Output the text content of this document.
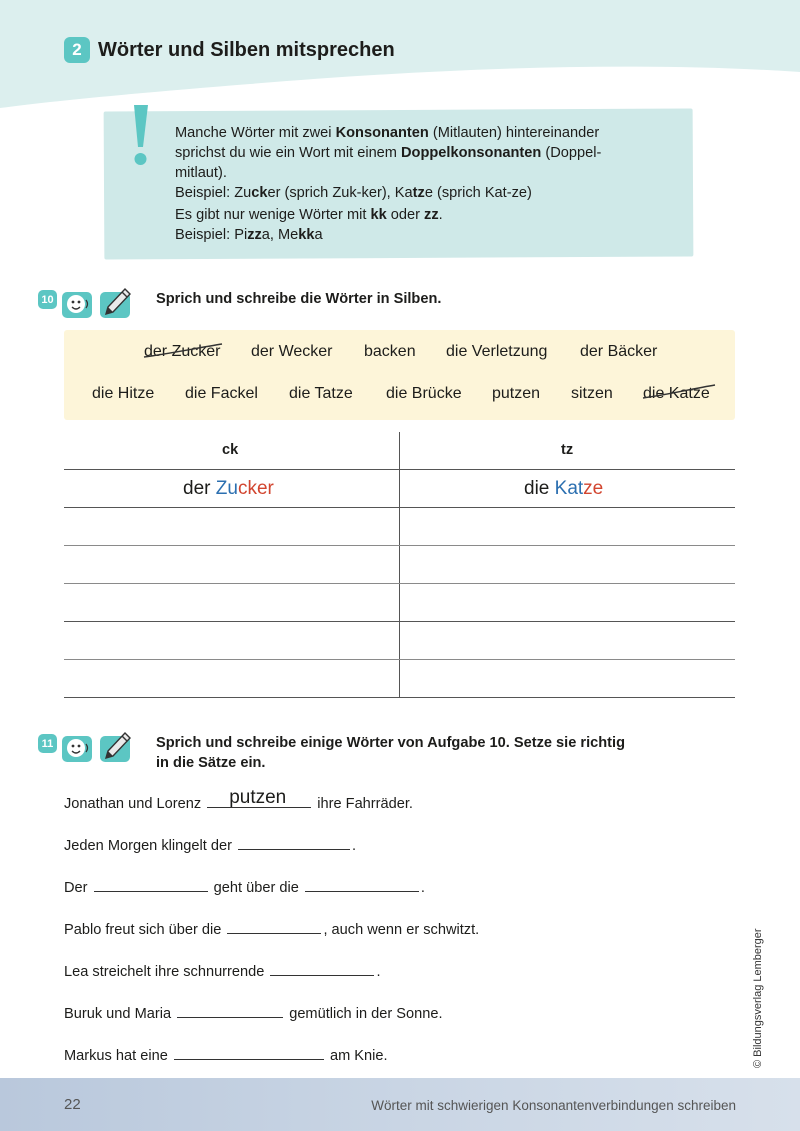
2 Wörter und Silben mitsprechen

Manche Wörter mit zwei Konsonanten (Mitlauten) hintereinander

sprichst du wie ein Wort mit einem Doppelkonsonanten (Doppel-

mitlaut).

Beispiel: Zucker (sprich Zuk-ker), Katze (sprich Kat-ze)

Es gibt nur wenige Wörter mit kk oder zz.

Beispiel: Pizza, Mekka

10	Sprich und schreibe die Wörter in Silben.
der Zucker der Wecker backen die Verletzung der Bäcker
die Hitze die Fackel die Tatze die Brücke putzen sitzen die Katze
ck	tz
der Zucker	die Katze
11	Sprich und schreibe einige Wörter von Aufgabe 10. Setze sie richtig
in die Sätze ein.
Jonathan und Lorenz putzen ihre Fahrräder.
Jeden Morgen klingelt der	.
Der	geht über die	.
Pablo freut sich über die	, auch wenn er schwitzt.
Lea streichelt ihre schnurrende	.
Buruk und Maria	gemütlich in der Sonne.
Markus hat eine	am Knie.	© Bildungsverlag Lemberger
22	Wörter mit schwierigen Konsonantenverbindungen schreiben
